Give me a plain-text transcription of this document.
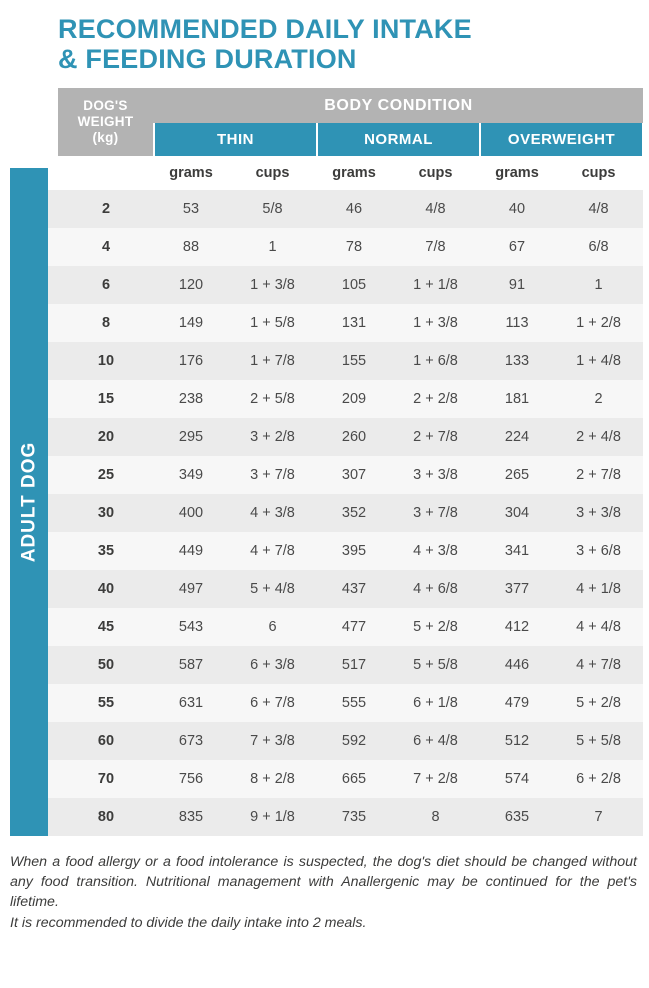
RECOMMENDED DAILY INTAKE
& FEEDING DURATION
ADULT DOG

	DOG'S
WEIGHT
(kg)	BODY CONDITION					
		THIN		NORMAL		OVERWEIGHT	
		grams	cups	grams	cups	grams	cups
	2	53	5/8	46	4/8	40	4/8
	4	88	1	78	7/8	67	6/8
	6	120	1 + 3/8	105	1 + 1/8	91	1
	8	149	1 + 5/8	131	1 + 3/8	113	1 + 2/8
	10	176	1 + 7/8	155	1 + 6/8	133	1 + 4/8
	15	238	2 + 5/8	209	2 + 2/8	181	2
	20	295	3 + 2/8	260	2 + 7/8	224	2 + 4/8
	25	349	3 + 7/8	307	3 + 3/8	265	2 + 7/8
	30	400	4 + 3/8	352	3 + 7/8	304	3 + 3/8
	35	449	4 + 7/8	395	4 + 3/8	341	3 + 6/8
	40	497	5 + 4/8	437	4 + 6/8	377	4 + 1/8
	45	543	6	477	5 + 2/8	412	4 + 4/8
	50	587	6 + 3/8	517	5 + 5/8	446	4 + 7/8
	55	631	6 + 7/8	555	6 + 1/8	479	5 + 2/8
	60	673	7 + 3/8	592	6 + 4/8	512	5 + 5/8
	70	756	8 + 2/8	665	7 + 2/8	574	6 + 2/8
	80	835	9 + 1/8	735	8	635	7

When a food allergy or a food intolerance is suspected, the dog's diet should be changed without any food transition. Nutritional management with Anallergenic may be continued for the pet's lifetime.

It is recommended to divide the daily intake into 2 meals.
